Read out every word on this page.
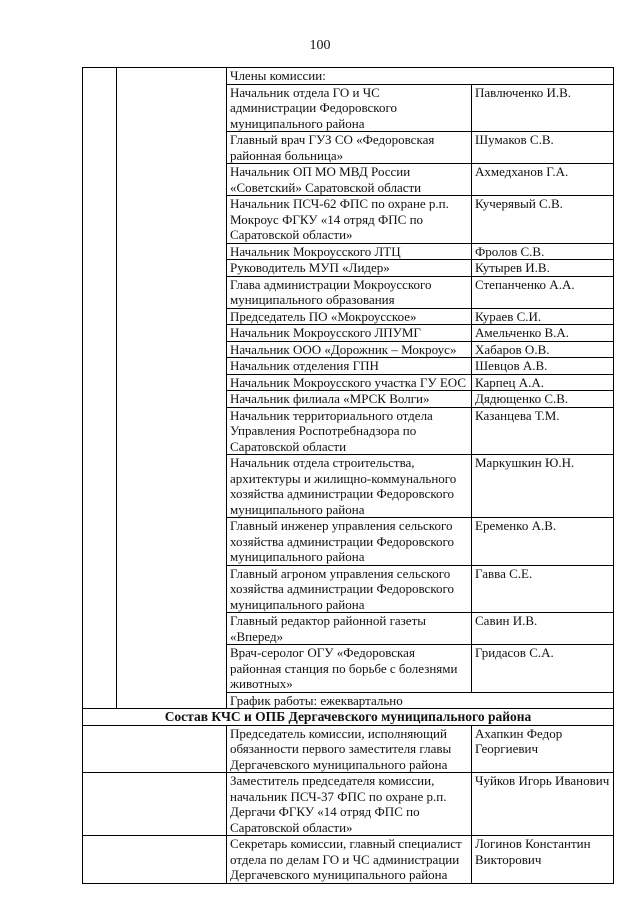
100
		Члены комиссии:	
		Начальник отдела ГО и ЧС администрации Федоровского муниципального района	Павлюченко И.В.
		Главный врач ГУЗ СО «Федоровская районная больница»	Шумаков С.В.
		Начальник ОП МО МВД России «Советский» Саратовской области	Ахмедханов Г.А.
		Начальник ПСЧ-62 ФПС по охране р.п. Мокроус ФГКУ «14 отряд ФПС по Саратовской области»	Кучерявый С.В.
		Начальник Мокроусского ЛТЦ	Фролов С.В.
		Руководитель МУП «Лидер»	Кутырев И.В.
		Глава администрации Мокроусского муниципального образования	Степанченко А.А.
		Председатель ПО «Мокроусское»	Кураев С.И.
		Начальник Мокроусского ЛПУМГ	Амельченко В.А.
		Начальник ООО «Дорожник – Мокроус»	Хабаров О.В.
		Начальник отделения ГПН	Шевцов А.В.
		Начальник Мокроусского участка ГУ ЕОС	Карпец А.А.
		Начальник филиала «МРСК Волги»	Дядющенко С.В.
		Начальник территориального отдела Управления Роспотребнадзора по Саратовской области	Казанцева Т.М.
		Начальник отдела строительства, архитектуры и жилищно-коммунального хозяйства администрации Федоровского муниципального района	Маркушкин Ю.Н.
		Главный инженер управления сельского хозяйства администрации Федоровского муниципального района	Еременко А.В.
		Главный агроном управления сельского хозяйства администрации Федоровского муниципального района	Гавва С.Е.
		Главный редактор районной газеты «Вперед»	Савин И.В.
		Врач-серолог ОГУ «Федоровская районная станция по борьбе с болезнями животных»	Гридасов С.А.
		График работы: ежеквартально	
Состав КЧС и ОПБ Дергачевского муниципального района			
		Председатель комиссии, исполняющий обязанности первого заместителя главы Дергачевского муниципального района	Ахапкин Федор Георгиевич
		Заместитель председателя комиссии, начальник ПСЧ-37 ФПС по охране р.п. Дергачи ФГКУ «14 отряд ФПС по Саратовской области»	Чуйков Игорь Иванович
		Секретарь комиссии, главный специалист отдела по делам ГО и ЧС администрации Дергачевского муниципального района	Логинов Константин Викторович
